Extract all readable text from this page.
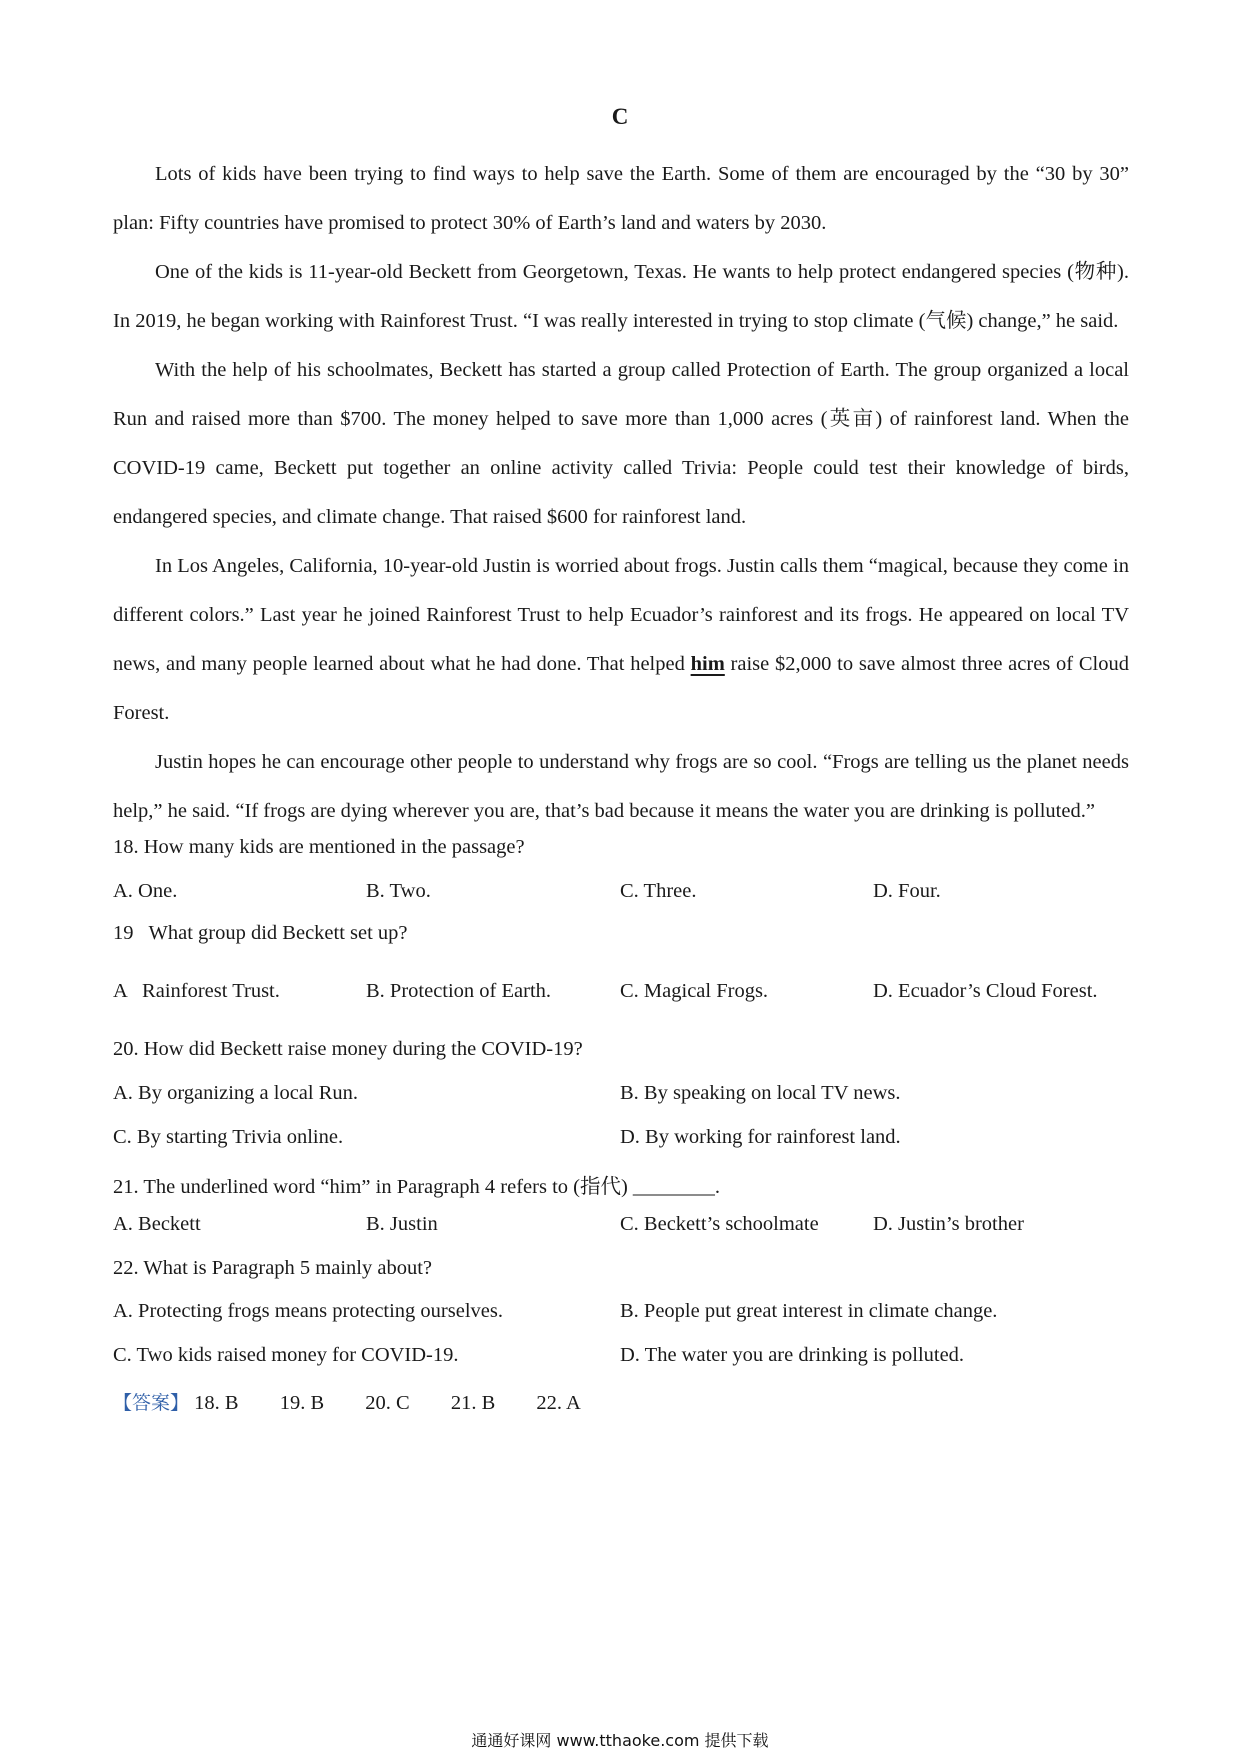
C

Lots of kids have been trying to find ways to help save the Earth. Some of them are encouraged by the “30 by 30” plan: Fifty countries have promised to protect 30% of Earth’s land and waters by 2030.

One of the kids is 11-year-old Beckett from Georgetown, Texas. He wants to help protect endangered species (物种). In 2019, he began working with Rainforest Trust. “I was really interested in trying to stop climate (气候) change,” he said.

With the help of his schoolmates, Beckett has started a group called Protection of Earth. The group organized a local Run and raised more than $700. The money helped to save more than 1,000 acres (英亩) of rainforest land. When the COVID-19 came, Beckett put together an online activity called Trivia: People could test their knowledge of birds, endangered species, and climate change. That raised $600 for rainforest land.

In Los Angeles, California, 10-year-old Justin is worried about frogs. Justin calls them “magical, because they come in different colors.” Last year he joined Rainforest Trust to help Ecuador’s rainforest and its frogs. He appeared on local TV news, and many people learned about what he had done. That helped him raise $2,000 to save almost three acres of Cloud Forest.

Justin hopes he can encourage other people to understand why frogs are so cool. “Frogs are telling us the planet needs help,” he said. “If frogs are dying wherever you are, that’s bad because it means the water you are drinking is polluted.”

18. How many kids are mentioned in the passage?
A. One.	B. Two.	C. Three.	D. Four.
19   What group did Beckett set up?
A   Rainforest Trust.	B. Protection of Earth.	C. Magical Frogs.	D. Ecuador’s Cloud Forest.
20. How did Beckett raise money during the COVID-19?
A. By organizing a local Run.	B. By speaking on local TV news.
C. By starting Trivia online.	D. By working for rainforest land.
21. The underlined word “him” in Paragraph 4 refers to (指代) ________.
A. Beckett	B. Justin	C. Beckett’s schoolmate	D. Justin’s brother
22. What is Paragraph 5 mainly about?
A. Protecting frogs means protecting ourselves.	B. People put great interest in climate change.
C. Two kids raised money for COVID-19.	D. The water you are drinking is polluted.
【答案】 18. B 19. B 20. C 21. B 22. A
通通好课网 www.tthaoke.com 提供下载
